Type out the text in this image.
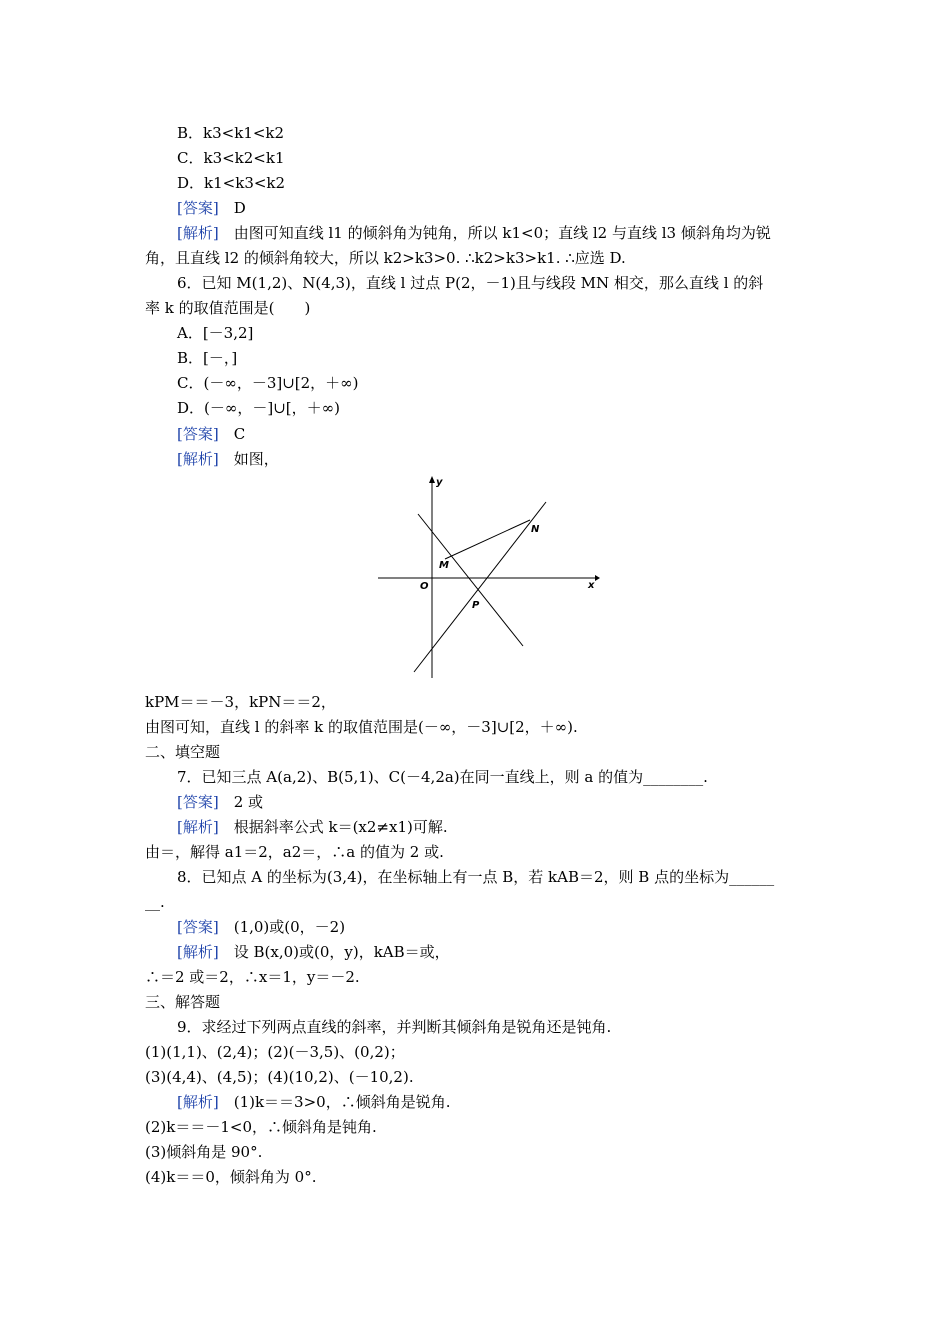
B．k3<k1<k2
C．k3<k2<k1
D．k1<k3<k2
[答案]　D
[解析]　由图可知直线 l1 的倾斜角为钝角，所以 k1<0；直线 l2 与直线 l3 倾斜角均为锐
角，且直线 l2 的倾斜角较大，所以 k2>k3>0. ∴k2>k3>k1. ∴应选 D.
6．已知 M(1,2)、N(4,3)，直线 l 过点 P(2，－1)且与线段 MN 相交，那么直线 l 的斜
率 k 的取值范围是(　　)
A．[－3,2]
B．[－，]
C．(－∞，－3]∪[2，＋∞)
D．(－∞，－]∪[，＋∞)
[答案]　C
[解析]　如图，
x
y
O
M
N
P
kPM＝＝－3，kPN＝＝2，
由图可知，直线 l 的斜率 k 的取值范围是(－∞，－3]∪[2，＋∞).
二、填空题
7．已知三点 A(a,2)、B(5,1)、C(－4,2a)在同一直线上，则 a 的值为________.
[答案]　2 或
[解析]　根据斜率公式 k＝(x2≠x1)可解.
由＝，解得 a1＝2，a2＝，∴a 的值为 2 或.
8．已知点 A 的坐标为(3,4)，在坐标轴上有一点 B，若 kAB＝2，则 B 点的坐标为______
__.
[答案]　(1,0)或(0，－2)
[解析]　设 B(x,0)或(0，y)，kAB＝或，
∴＝2 或＝2，∴x＝1，y＝－2.
三、解答题
9．求经过下列两点直线的斜率，并判断其倾斜角是锐角还是钝角.
(1)(1,1)、(2,4)；(2)(－3,5)、(0,2)；
(3)(4,4)、(4,5)；(4)(10,2)、(－10,2).
[解析]　(1)k＝＝3>0，∴倾斜角是锐角.
(2)k＝＝－1<0，∴倾斜角是钝角.
(3)倾斜角是 90°.
(4)k＝＝0，倾斜角为 0°.
